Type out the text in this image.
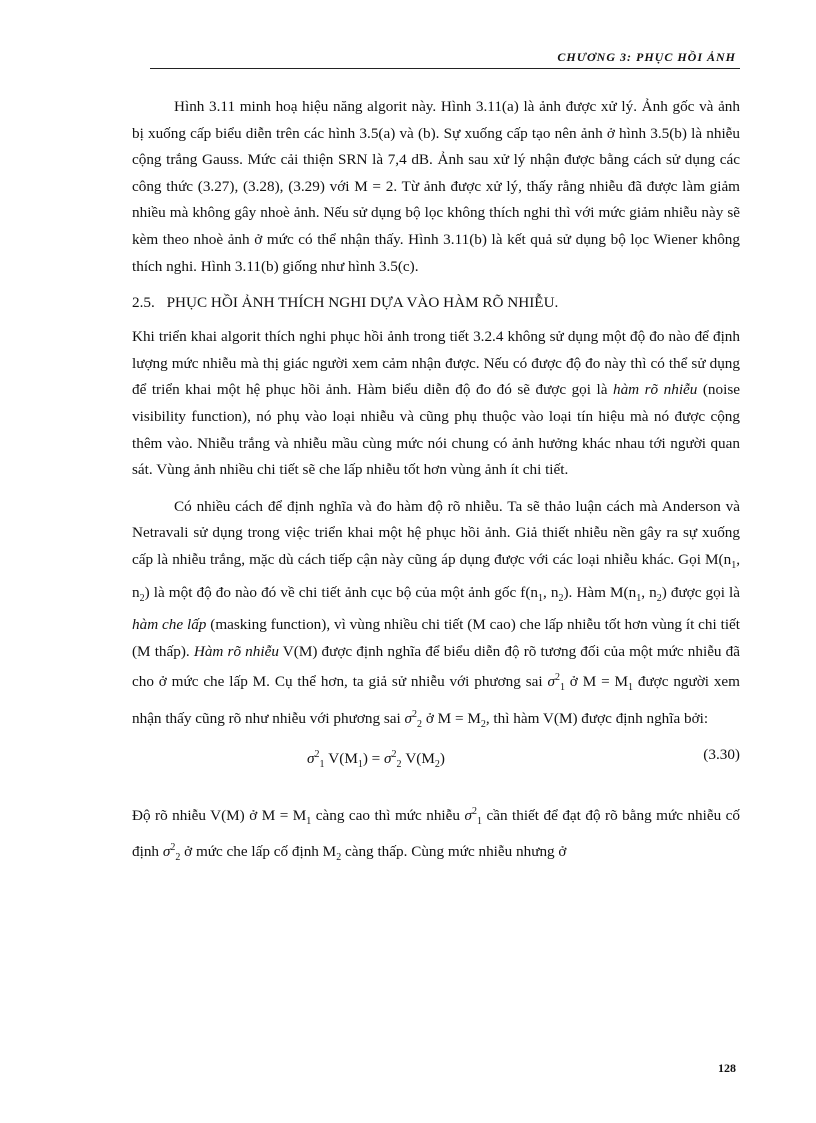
CHƯƠNG 3: PHỤC HỒI ẢNH

Hình 3.11 minh hoạ hiệu năng algorit này. Hình 3.11(a) là ảnh được xử lý. Ảnh gốc và ảnh bị xuống cấp biểu diễn trên các hình 3.5(a) và (b). Sự xuống cấp tạo nên ảnh ở hình 3.5(b) là nhiễu cộng trắng Gauss. Mức cải thiện SRN là 7,4 dB. Ảnh sau xử lý nhận được bằng cách sử dụng các công thức (3.27), (3.28), (3.29) với M = 2. Từ ảnh được xử lý, thấy rằng nhiễu đã được làm giảm nhiều mà không gây nhoè ảnh. Nếu sử dụng bộ lọc không thích nghi thì với mức giảm nhiễu này sẽ kèm theo nhoè ảnh ở mức có thể nhận thấy. Hình 3.11(b) là kết quả sử dụng bộ lọc Wiener không thích nghi. Hình 3.11(b) giống như hình 3.5(c).

2.5. PHỤC HỒI ẢNH THÍCH NGHI DỰA VÀO HÀM RÕ NHIỄU.

Khi triển khai algorit thích nghi phục hồi ảnh trong tiết 3.2.4 không sử dụng một độ đo nào để định lượng mức nhiễu mà thị giác người xem cảm nhận được. Nếu có được độ đo này thì có thể sử dụng để triển khai một hệ phục hồi ảnh. Hàm biểu diễn độ đo đó sẽ được gọi là hàm rõ nhiễu (noise visibility function), nó phụ vào loại nhiễu và cũng phụ thuộc vào loại tín hiệu mà nó được cộng thêm vào. Nhiễu trắng và nhiễu mầu cùng mức nói chung có ảnh hưởng khác nhau tới người quan sát. Vùng ảnh nhiều chi tiết sẽ che lấp nhiễu tốt hơn vùng ảnh ít chi tiết.

Có nhiều cách để định nghĩa và đo hàm độ rõ nhiễu. Ta sẽ thảo luận cách mà Anderson và Netravali sử dụng trong việc triển khai một hệ phục hồi ảnh. Giả thiết nhiễu nền gây ra sự xuống cấp là nhiễu trắng, mặc dù cách tiếp cận này cũng áp dụng được với các loại nhiễu khác. Gọi $M(n_1$, $n_2$) là một độ đo nào đó về chi tiết ảnh cục bộ của một ảnh gốc $f(n_1$, $n_2$). Hàm $M(n_1$, $n_2$) được gọi là hàm che lấp (masking function), vì vùng nhiều chi tiết (M cao) che lấp nhiễu tốt hơn vùng ít chi tiết (M thấp). Hàm rõ nhiễu V(M) được định nghĩa để biểu diễn độ rõ tương đối của một mức nhiễu đã cho ở mức che lấp M. Cụ thể hơn, ta giả sử nhiễu với phương sai $\sigma^2_1$ ở $M = M_1$ được người xem nhận thấy cũng rõ như nhiễu với phương sai $\sigma^2_2$ ở $M = M_2$, thì hàm V(M) được định nghĩa bởi:

$\sigma^2_1$ $V(M_1) = \sigma^2_2$ $V(M_2)$	(3.30)

Độ rõ nhiễu V(M) ở $M = M_1$ càng cao thì mức nhiễu $\sigma^2_1$ cần thiết để đạt độ rõ bằng mức nhiễu cố định $\sigma^2_2$ ở mức che lấp cố định $M_2$ càng thấp. Cùng mức nhiễu nhưng ở

128
